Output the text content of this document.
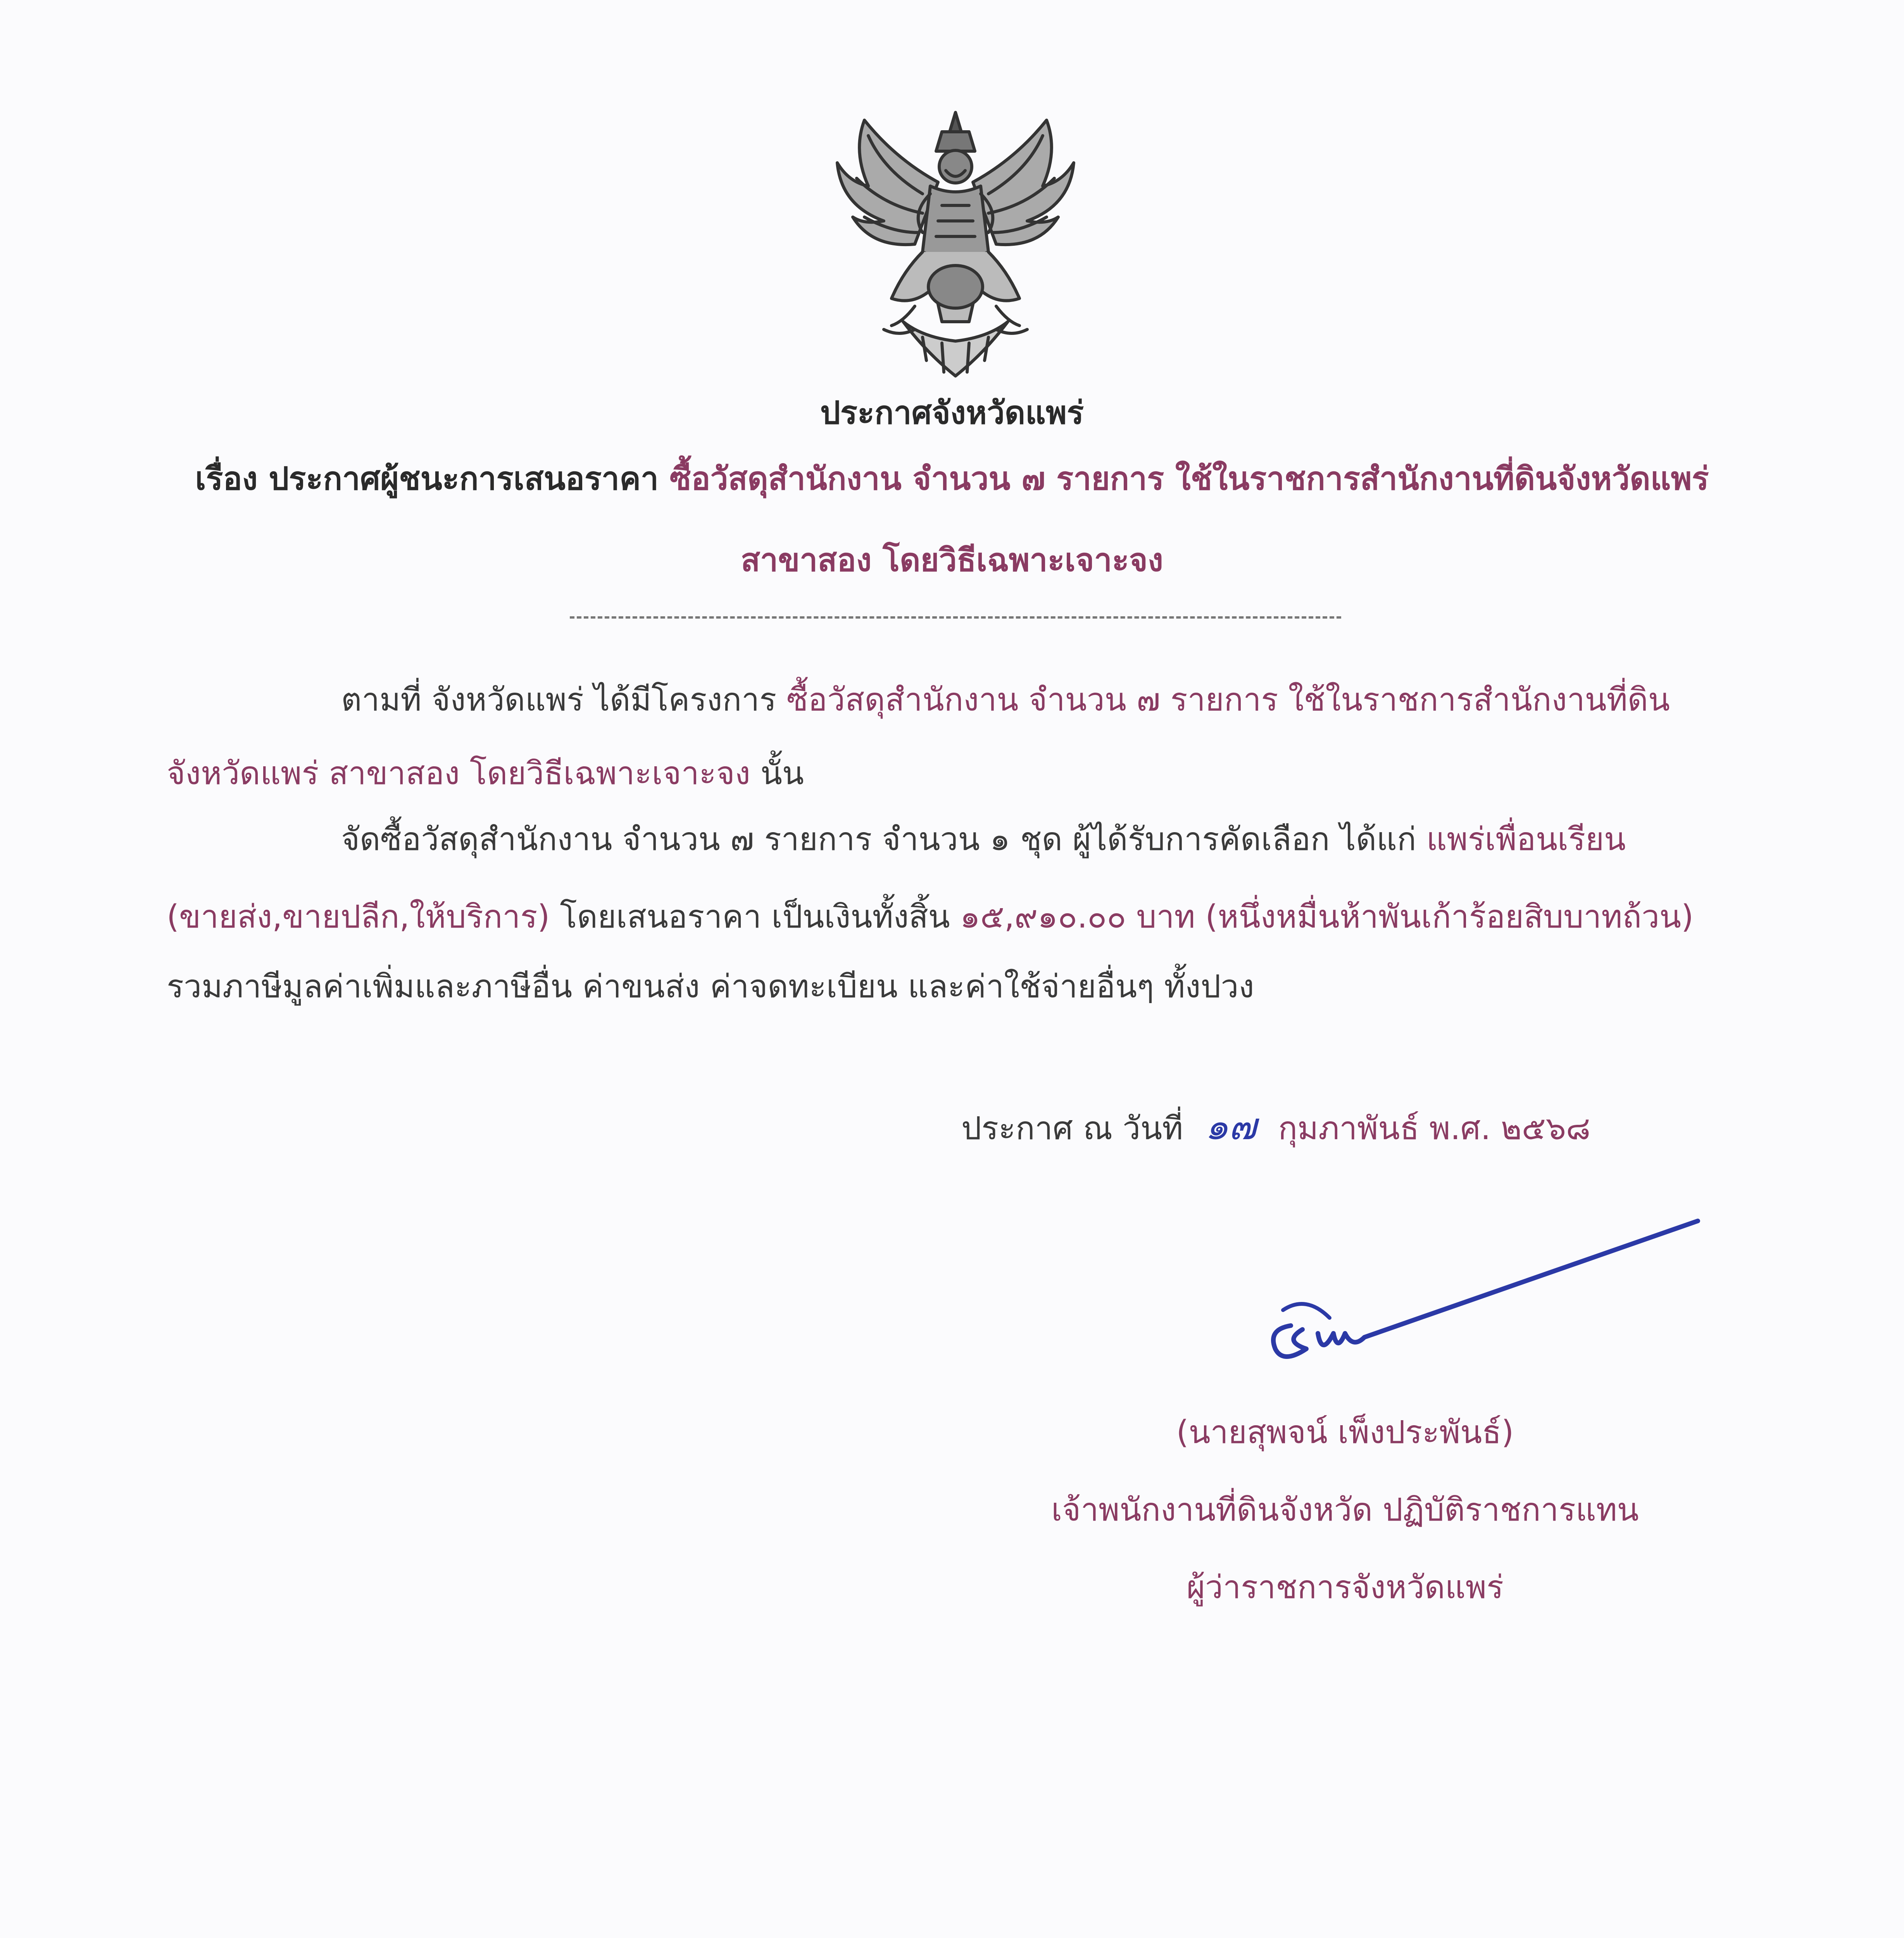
ประกาศจังหวัดแพร่
เรื่อง ประกาศผู้ชนะการเสนอราคา ซื้อวัสดุสำนักงาน จำนวน ๗ รายการ ใช้ในราชการสำนักงานที่ดินจังหวัดแพร่
สาขาสอง โดยวิธีเฉพาะเจาะจง
ตามที่ จังหวัดแพร่ ได้มีโครงการ ซื้อวัสดุสำนักงาน จำนวน ๗ รายการ ใช้ในราชการสำนักงานที่ดิน
จังหวัดแพร่ สาขาสอง โดยวิธีเฉพาะเจาะจง นั้น
จัดซื้อวัสดุสำนักงาน จำนวน ๗ รายการ จำนวน ๑ ชุด ผู้ได้รับการคัดเลือก ได้แก่ แพร่เพื่อนเรียน
(ขายส่ง,ขายปลีก,ให้บริการ) โดยเสนอราคา เป็นเงินทั้งสิ้น ๑๕,๙๑๐.๐๐ บาท (หนึ่งหมื่นห้าพันเก้าร้อยสิบบาทถ้วน)
รวมภาษีมูลค่าเพิ่มและภาษีอื่น ค่าขนส่ง ค่าจดทะเบียน และค่าใช้จ่ายอื่นๆ ทั้งปวง
ประกาศ ณ วันที่ ๑๗ กุมภาพันธ์ พ.ศ. ๒๕๖๘
(นายสุพจน์ เพ็งประพันธ์)
เจ้าพนักงานที่ดินจังหวัด ปฏิบัติราชการแทน
ผู้ว่าราชการจังหวัดแพร่
